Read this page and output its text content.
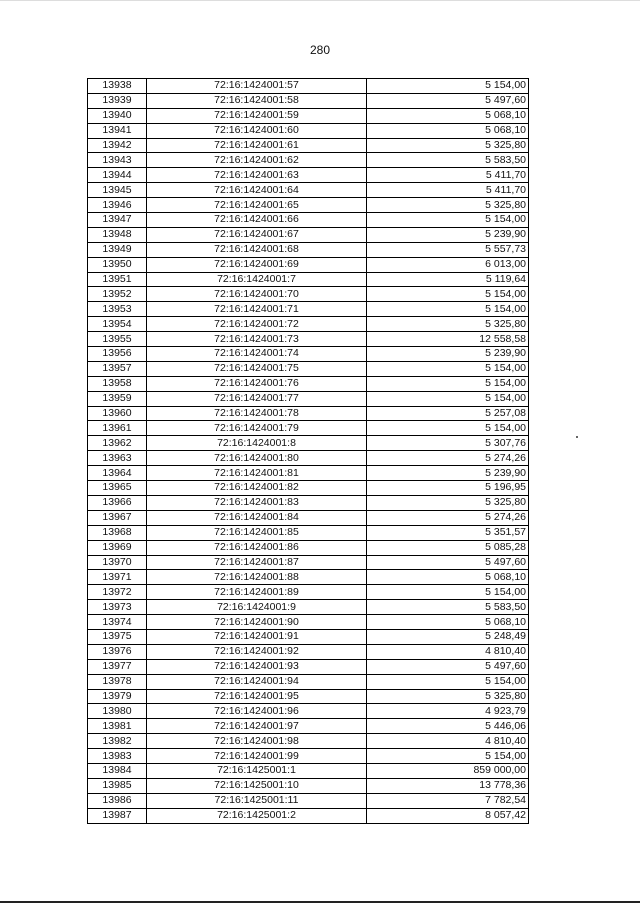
280
13938	72:16:1424001:57	5 154,00
13939	72:16:1424001:58	5 497,60
13940	72:16:1424001:59	5 068,10
13941	72:16:1424001:60	5 068,10
13942	72:16:1424001:61	5 325,80
13943	72:16:1424001:62	5 583,50
13944	72:16:1424001:63	5 411,70
13945	72:16:1424001:64	5 411,70
13946	72:16:1424001:65	5 325,80
13947	72:16:1424001:66	5 154,00
13948	72:16:1424001:67	5 239,90
13949	72:16:1424001:68	5 557,73
13950	72:16:1424001:69	6 013,00
13951	72:16:1424001:7	5 119,64
13952	72:16:1424001:70	5 154,00
13953	72:16:1424001:71	5 154,00
13954	72:16:1424001:72	5 325,80
13955	72:16:1424001:73	12 558,58
13956	72:16:1424001:74	5 239,90
13957	72:16:1424001:75	5 154,00
13958	72:16:1424001:76	5 154,00
13959	72:16:1424001:77	5 154,00
13960	72:16:1424001:78	5 257,08
13961	72:16:1424001:79	5 154,00
13962	72:16:1424001:8	5 307,76
13963	72:16:1424001:80	5 274,26
13964	72:16:1424001:81	5 239,90
13965	72:16:1424001:82	5 196,95
13966	72:16:1424001:83	5 325,80
13967	72:16:1424001:84	5 274,26
13968	72:16:1424001:85	5 351,57
13969	72:16:1424001:86	5 085,28
13970	72:16:1424001:87	5 497,60
13971	72:16:1424001:88	5 068,10
13972	72:16:1424001:89	5 154,00
13973	72:16:1424001:9	5 583,50
13974	72:16:1424001:90	5 068,10
13975	72:16:1424001:91	5 248,49
13976	72:16:1424001:92	4 810,40
13977	72:16:1424001:93	5 497,60
13978	72:16:1424001:94	5 154,00
13979	72:16:1424001:95	5 325,80
13980	72:16:1424001:96	4 923,79
13981	72:16:1424001:97	5 446,06
13982	72:16:1424001:98	4 810,40
13983	72:16:1424001:99	5 154,00
13984	72:16:1425001:1	859 000,00
13985	72:16:1425001:10	13 778,36
13986	72:16:1425001:11	7 782,54
13987	72:16:1425001:2	8 057,42
